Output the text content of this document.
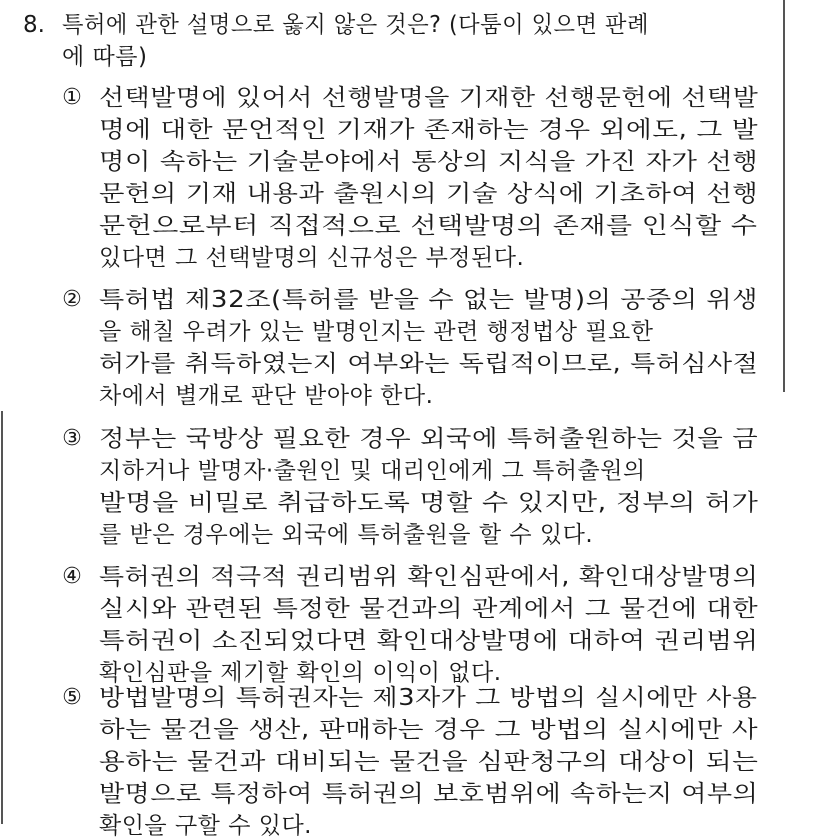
8. 특허에 관한 설명으로 옳지 않은 것은? (다툼이 있으면 판례
에 따름)
① 선택발명에 있어서 선행발명을 기재한 선행문헌에 선택발
명에 대한 문언적인 기재가 존재하는 경우 외에도, 그 발
명이 속하는 기술분야에서 통상의 지식을 가진 자가 선행
문헌의 기재 내용과 출원시의 기술 상식에 기초하여 선행
문헌으로부터 직접적으로 선택발명의 존재를 인식할 수
있다면 그 선택발명의 신규성은 부정된다.
② 특허법 제32조(특허를 받을 수 없는 발명)의 공중의 위생
을 해칠 우려가 있는 발명인지는 관련 행정법상 필요한
허가를 취득하였는지 여부와는 독립적이므로, 특허심사절
차에서 별개로 판단 받아야 한다.
③ 정부는 국방상 필요한 경우 외국에 특허출원하는 것을 금
지하거나 발명자·출원인 및 대리인에게 그 특허출원의
발명을 비밀로 취급하도록 명할 수 있지만, 정부의 허가
를 받은 경우에는 외국에 특허출원을 할 수 있다.
④ 특허권의 적극적 권리범위 확인심판에서, 확인대상발명의
실시와 관련된 특정한 물건과의 관계에서 그 물건에 대한
특허권이 소진되었다면 확인대상발명에 대하여 권리범위
확인심판을 제기할 확인의 이익이 없다.
⑤ 방법발명의 특허권자는 제3자가 그 방법의 실시에만 사용
하는 물건을 생산, 판매하는 경우 그 방법의 실시에만 사
용하는 물건과 대비되는 물건을 심판청구의 대상이 되는
발명으로 특정하여 특허권의 보호범위에 속하는지 여부의
확인을 구할 수 있다.
